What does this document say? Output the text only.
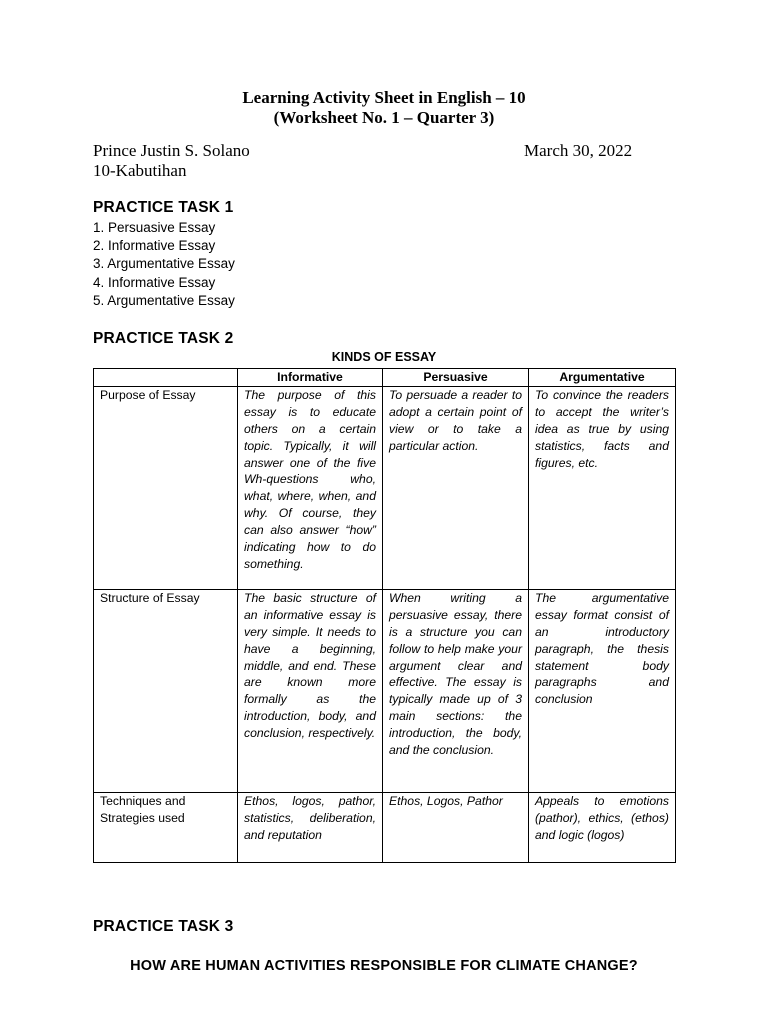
Learning Activity Sheet in English – 10
(Worksheet No. 1 – Quarter 3)
Prince Justin S. Solano
10-Kabutihan
March 30, 2022
PRACTICE TASK 1
1. Persuasive Essay
2. Informative Essay
3. Argumentative Essay
4. Informative Essay
5. Argumentative Essay
PRACTICE TASK 2
KINDS OF ESSAY
	Informative	Persuasive	Argumentative
Purpose of Essay	The purpose of this essay is to educate others on a certain topic. Typically, it will answer one of the five Wh-questions who, what, where, when, and why. Of course, they can also answer “how” indicating how to do something.	To persuade a reader to adopt a certain point of view or to take a particular action.	To convince the readers to accept the writer’s idea as true by using statistics, facts and figures, etc.
Structure of Essay	The basic structure of an informative essay is very simple. It needs to have a beginning, middle, and end. These are known more formally as the introduction, body, and conclusion, respectively.	When writing a persuasive essay, there is a structure you can follow to help make your argument clear and effective. The essay is typically made up of 3 main sections: the introduction, the body, and the conclusion.	The argumentative essay format consist of an introductory paragraph, the thesis statement body paragraphs and conclusion
Techniques and Strategies used	Ethos, logos, pathor, statistics, deliberation, and reputation	Ethos, Logos, Pathor	Appeals to emotions (pathor), ethics, (ethos) and logic (logos)
PRACTICE TASK 3
HOW ARE HUMAN ACTIVITIES RESPONSIBLE FOR CLIMATE CHANGE?
